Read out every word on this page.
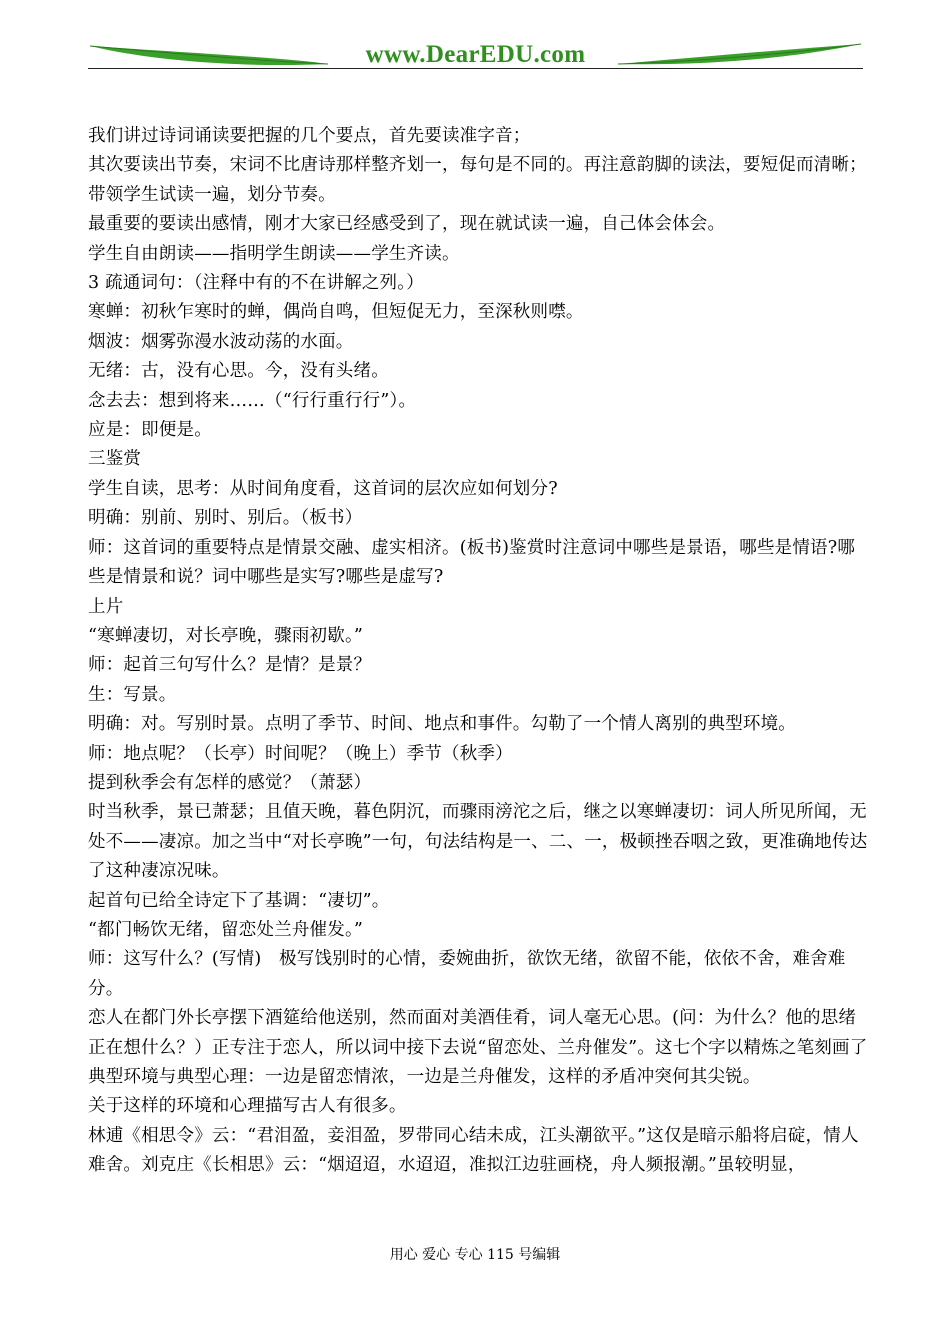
www.DearEDU.com

我们讲过诗词诵读要把握的几个要点，首先要读准字音；

其次要读出节奏，宋词不比唐诗那样整齐划一，每句是不同的。再注意韵脚的读法，要短促而清晰；带领学生试读一遍，划分节奏。

最重要的要读出感情，刚才大家已经感受到了，现在就试读一遍，自己体会体会。

学生自由朗读——指明学生朗读——学生齐读。

3 疏通词句：（注释中有的不在讲解之列。）

寒蝉：初秋乍寒时的蝉，偶尚自鸣，但短促无力，至深秋则噤。

烟波：烟雾弥漫水波动荡的水面。

无绪：古，没有心思。今，没有头绪。

念去去：想到将来……（“行行重行行”）。

应是：即便是。

三鉴赏

学生自读，思考：从时间角度看，这首词的层次应如何划分?

明确：别前、别时、别后。（板书）

师：这首词的重要特点是情景交融、虚实相济。(板书)鉴赏时注意词中哪些是景语，哪些是情语?哪些是情景和说？词中哪些是实写?哪些是虚写?

上片

“寒蝉凄切，对长亭晚，骤雨初歇。”

师：起首三句写什么？是情？是景？

生：写景。

明确：对。写别时景。点明了季节、时间、地点和事件。勾勒了一个情人离别的典型环境。

师：地点呢？（长亭）时间呢？（晚上）季节（秋季）

提到秋季会有怎样的感觉？（萧瑟）

时当秋季，景已萧瑟；且值天晚，暮色阴沉，而骤雨滂沱之后，继之以寒蝉凄切：词人所见所闻，无处不——凄凉。加之当中“对长亭晚”一句，句法结构是一、二、一，极顿挫吞咽之致，更准确地传达了这种凄凉况味。

起首句已给全诗定下了基调：“凄切”。

“都门畅饮无绪，留恋处兰舟催发。”

师：这写什么？(写情)　极写饯别时的心情，委婉曲折，欲饮无绪，欲留不能，依依不舍，难舍难分。

恋人在都门外长亭摆下酒筵给他送别，然而面对美酒佳肴，词人毫无心思。(问：为什么？他的思绪正在想什么？）正专注于恋人，所以词中接下去说“留恋处、兰舟催发”。这七个字以精炼之笔刻画了典型环境与典型心理：一边是留恋情浓，一边是兰舟催发，这样的矛盾冲突何其尖锐。

关于这样的环境和心理描写古人有很多。

林逋《相思令》云：“君泪盈，妾泪盈，罗带同心结未成，江头潮欲平。”这仅是暗示船将启碇，情人难舍。刘克庄《长相思》云：“烟迢迢，水迢迢，准拟江边驻画桡，舟人频报潮。”虽较明显，

用心 爱心 专心 115 号编辑
